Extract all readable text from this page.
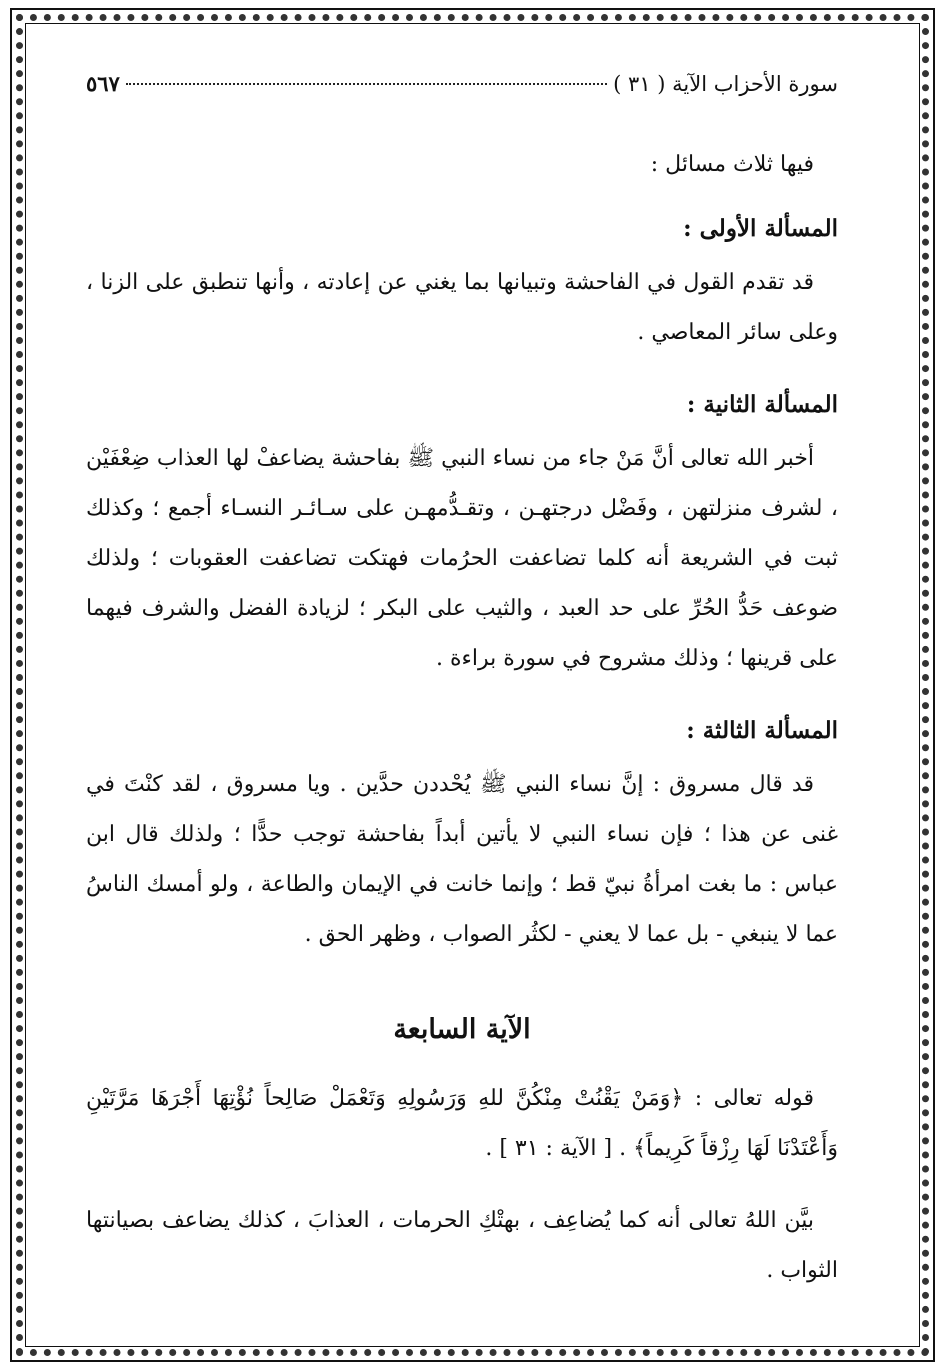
سورة الأحزاب الآية ( ٣١ )
٥٦٧

فيها ثلاث مسائل :

المسألة الأولى :

قد تقدم القول في الفاحشة وتبيانها بما يغني عن إعادته ، وأنها تنطبق على الزنا ، وعلى سائر المعاصي .

المسألة الثانية :

أخبر الله تعالى أنَّ مَنْ جاء من نساء النبي ﷺ بفاحشة يضاعفْ لها العذاب ضِعْفَيْن ، لشرف منزلتهن ، وفَضْل درجتهـن ، وتقـدُّمهـن على سـائـر النسـاء أجمع ؛ وكذلك ثبت في الشريعة أنه كلما تضاعفت الحرُمات فهتكت تضاعفت العقوبات ؛ ولذلك ضوعف حَدُّ الحُرِّ على حد العبد ، والثيب على البكر ؛ لزيادة الفضل والشرف فيهما على قرينها ؛ وذلك مشروح في سورة براءة .

المسألة الثالثة :

قد قال مسروق : إنَّ نساء النبي ﷺ يُحْددن حدَّين . ويا مسروق ، لقد كنْتَ في غنى عن هذا ؛ فإن نساء النبي لا يأتين أبداً بفاحشة توجب حدًّا ؛ ولذلك قال ابن عباس : ما بغت امرأةُ نبيّ قط ؛ وإنما خانت في الإيمان والطاعة ، ولو أمسك الناسُ عما لا ينبغي - بل عما لا يعني - لكثُر الصواب ، وظهر الحق .

الآية السابعة

قوله تعالى : ﴿وَمَنْ يَقْنُتْ مِنْكُنَّ للهِ وَرَسُولِهِ وَتَعْمَلْ صَالِحاً نُؤْتِهَا أَجْرَهَا مَرَّتَيْنِ وَأَعْتَدْنَا لَهَا رِزْقاً كَرِيماً﴾ . [ الآية : ٣١ ] .

بيَّن اللهُ تعالى أنه كما يُضاعِف ، بهتْكِ الحرمات ، العذابَ ، كذلك يضاعف بصيانتها الثواب .
